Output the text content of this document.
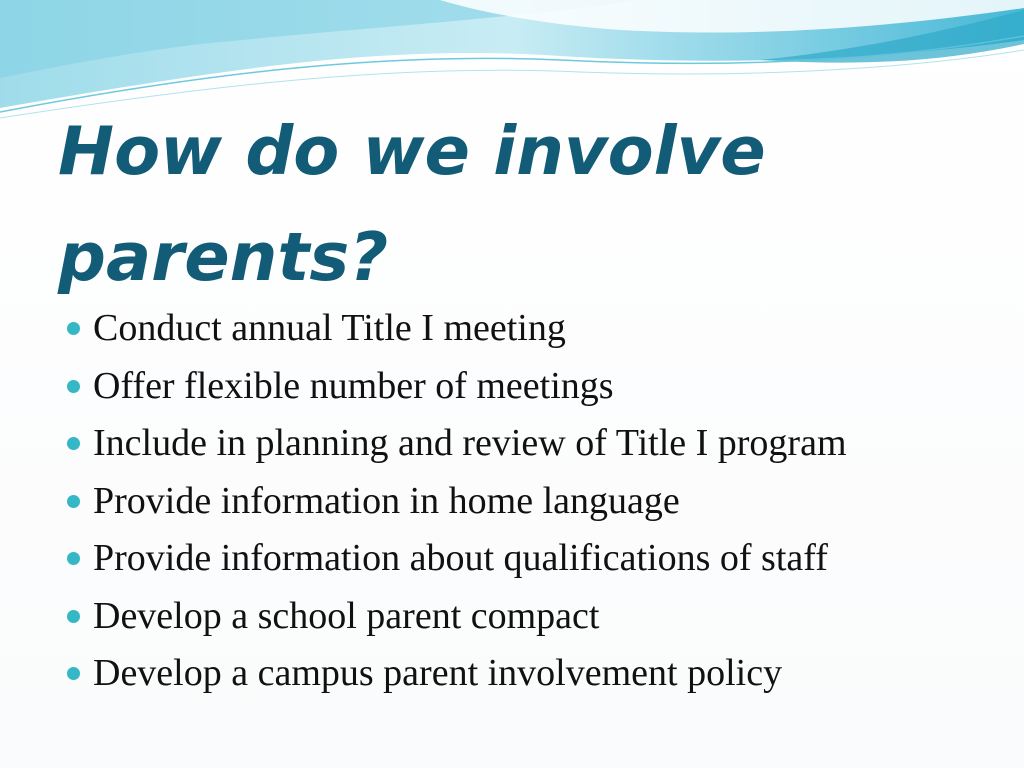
How do we involve parents?
Conduct annual Title I meeting
Offer flexible number of meetings
Include in planning and review of Title I program
Provide information in home language
Provide information about qualifications of staff
Develop a school parent compact
Develop a campus parent involvement policy
